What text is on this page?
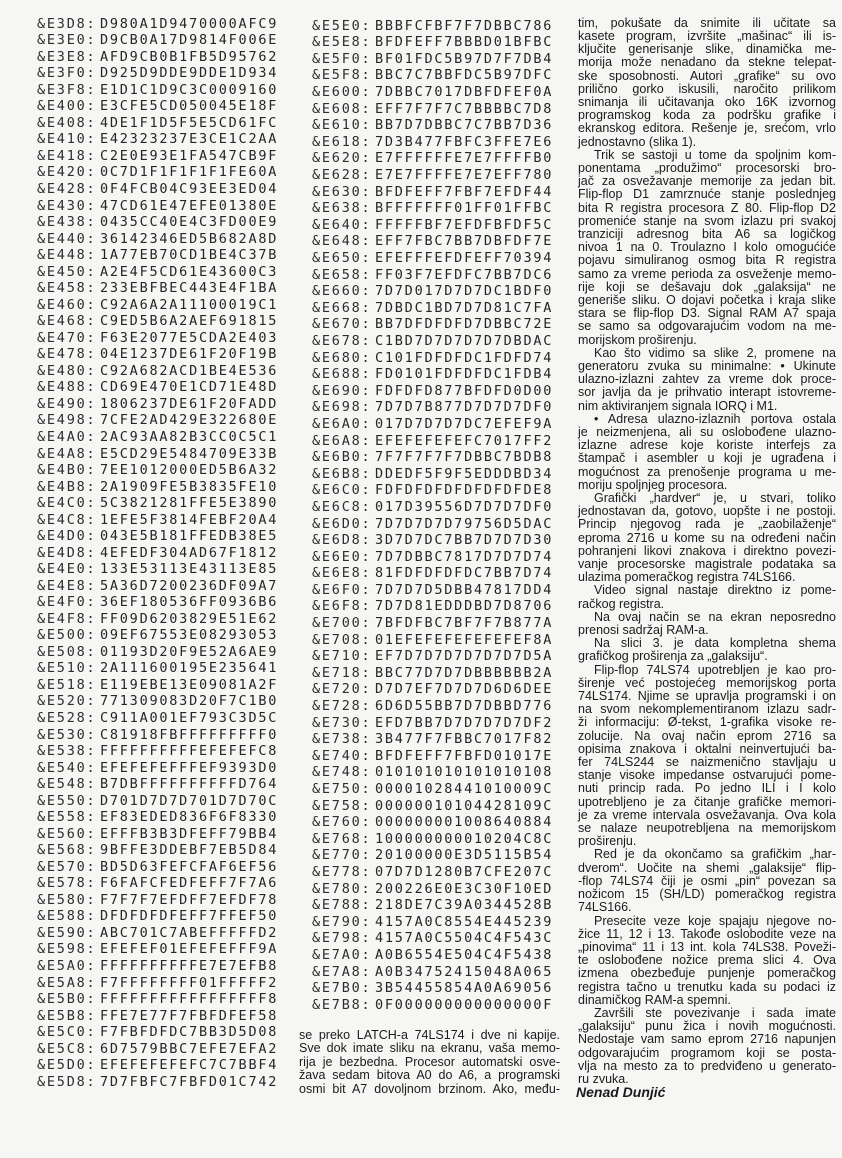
&E3D8: D980A1D9470000AFC9
&E3E0: D9CB0A17D9814F006E
&E3E8: AFD9CB0B1FB5D95762
&E3F0: D925D9DDE9DDE1D934
&E3F8: E1D1C1D9C3C0009160
&E400: E3CFE5CD050045E18F
&E408: 4DE1F1D5F5E5CD61FC
&E410: E42323237E3CE1C2AA
&E418: C2E0E93E1FA547CB9F
&E420: 0C7D1F1F1F1F1FE60A
&E428: 0F4FCB04C93EE3ED04
&E430: 47CD61E47EFE01380E
&E438: 0435CC40E4C3FD00E9
&E440: 36142346ED5B682A8D
&E448: 1A77EB70CD1BE4C37B
&E450: A2E4F5CD61E43600C3
&E458: 233EBFBEC443E4F1BA
&E460: C92A6A2A11100019C1
&E468: C9ED5B6A2AEF691815
&E470: F63E2077E5CDA2E403
&E478: 04E1237DE61F20F19B
&E480: C92A682ACD1BE4E536
&E488: CD69E470E1CD71E48D
&E490: 1806237DE61F20FADD
&E498: 7CFE2AD429E322680E
&E4A0: 2AC93AA82B3CC0C5C1
&E4A8: E5CD29E5484709E33B
&E4B0: 7EE1012000ED5B6A32
&E4B8: 2A1909FE5B3835FE10
&E4C0: 5C3821281FFE5E3890
&E4C8: 1EFE5F3814FEBF20A4
&E4D0: 043E5B181FFEDB38E5
&E4D8: 4EFEDF304AD67F1812
&E4E0: 133E53113E43113E85
&E4E8: 5A36D7200236DF09A7
&E4F0: 36EF180536FF0936B6
&E4F8: FF09D6203829E51E62
&E500: 09EF67553E08293053
&E508: 01193D20F9E52A6AE9
&E510: 2A111600195E235641
&E518: E119EBE13E09081A2F
&E520: 771309083D20F7C1B0
&E528: C911A001EF793C3D5C
&E530: C81918FBFFFFFFFFF0
&E538: FFFFFFFFFFEFEFEFC8
&E540: EFEFEFEFFFEF9393D0
&E548: B7DBFFFFFFFFFFD764
&E550: D701D7D7D701D7D70C
&E558: EF83EDED836F6F8330
&E560: EFFFB3B3DFEFF79BB4
&E568: 9BFFE3DDEBF7EB5D84
&E570: BD5D63FEFCFAF6EF56
&E578: F6FAFCFEDFEFF7F7A6
&E580: F7F7F7EFDFF7EFDF78
&E588: DFDFDFDFEFF7FFEF50
&E590: ABC701C7ABEFFFFFD2
&E598: EFEFEF01EFEFEFFF9A
&E5A0: FFFFFFFFFFE7E7EFB8
&E5A8: F7FFFFFFFF01FFFFF2
&E5B0: FFFFFFFFFFFFFFFFF8
&E5B8: FFE7E77F7FBFDFEF58
&E5C0: F7FBFDFDC7BB3D5D08
&E5C8: 6D7579BBC7EFE7EFA2
&E5D0: EFEFEFEFEFC7C7BBF4
&E5D8: 7D7FBFC7FBFD01C742
&E5E0: BBBFCFBF7F7DBBC786
&E5E8: BFDFEFF7BBBD01BFBC
&E5F0: BF01FDC5B97D7F7DB4
&E5F8: BBC7C7BBFDC5B97DFC
&E600: 7DBBC7017DBFDFEF0A
&E608: EFF7F7F7C7BBBBC7D8
&E610: BB7D7DBBC7C7BB7D36
&E618: 7D3B477FBFC3FFE7E6
&E620: E7FFFFFFE7E7FFFFB0
&E628: E7E7FFFFE7E7EFF780
&E630: BFDFEFF7FBF7EFDF44
&E638: BFFFFFFF01FF01FFBC
&E640: FFFFFBF7EFDFBFDF5C
&E648: EFF7FBC7BB7DBFDF7E
&E650: EFEFFFEFDFEFF70394
&E658: FF03F7EFDFC7BB7DC6
&E660: 7D7D017D7D7DC1BDF0
&E668: 7DBDC1BD7D7D81C7FA
&E670: BB7DFDFDFD7DBBC72E
&E678: C1BD7D7D7D7D7DBDAC
&E680: C101FDFDFDC1FDFD74
&E688: FD0101FDFDFDC1FDB4
&E690: FDFDFD877BFDFD0D00
&E698: 7D7D7B877D7D7D7DF0
&E6A0: 017D7D7D7DC7EFEF9A
&E6A8: EFEFEFEFEFC7017FF2
&E6B0: 7F7F7F7F7DBBC7BDB8
&E6B8: DDEDF5F9F5EDDDBD34
&E6C0: FDFDFDFDFDFDFDFDE8
&E6C8: 017D39556D7D7D7DF0
&E6D0: 7D7D7D7D79756D5DAC
&E6D8: 3D7D7DC7BB7D7D7D30
&E6E0: 7D7DBBC7817D7D7D74
&E6E8: 81FDFDFDFDC7BB7D74
&E6F0: 7D7D7D5DBB47817DD4
&E6F8: 7D7D81EDDDBD7D8706
&E700: 7BFDFBC7BF7F7B877A
&E708: 01EFEFEFEFEFEFEF8A
&E710: EF7D7D7D7D7D7D7D5A
&E718: BBC77D7D7DBBBBBB2A
&E720: D7D7EF7D7D7D6D6DEE
&E728: 6D6D55BB7D7DBBD776
&E730: EFD7BB7D7D7D7D7DF2
&E738: 3B477F7FBBC7017F82
&E740: BFDFEFF7FBFD01017E
&E748: 010101010101010108
&E750: 00001028441010009C
&E758: 00000010104428109C
&E760: 000000001008640884
&E768: 100000000010204C8C
&E770: 20100000E3D5115B54
&E778: 07D7D1280B7CFE207C
&E780: 200226E0E3C30F10ED
&E788: 218DE7C39A0344528B
&E790: 4157A0C8554E445239
&E798: 4157A0C5504C4F543C
&E7A0: A0B6554E504C4F5438
&E7A8: A0B34752415048A065
&E7B0: 3B54455854A0A69056
&E7B8: 0F000000000000000F
se preko LATCH-a 74LS174 i dve ni kapije.
Sve dok imate sliku na ekranu, vaša memo-
rija je bezbedna. Procesor automatski osve-
žava sedam bitova A0 do A6, a programski
osmi bit A7 dovoljnom brzinom. Ako, među-
tim, pokušate da snimite ili učitate sa
kasete program, izvršite „mašinac“ ili is-
ključite generisanje slike, dinamička me-
morija može nenadano da stekne telepat-
ske sposobnosti. Autori „grafike“ su ovo
prilično gorko iskusili, naročito prilikom
snimanja ili učitavanja oko 16K izvornog
programskog koda za podršku grafike i
ekranskog editora. Rešenje je, srećom, vrlo
jednostavno (slika 1).
Trik se sastoji u tome da spoljnim kom-
ponentama „produžimo“ procesorski bro-
jač za osvežavanje memorije za jedan bit.
Flip-flop D1 zamrznuće stanje poslednjeg
bita R registra procesora Z 80. Flip-flop D2
promeniće stanje na svom izlazu pri svakoj
tranziciji adresnog bita A6 sa logičkog
nivoa 1 na 0. Troulazno I kolo omogućiće
pojavu simuliranog osmog bita R registra
samo za vreme perioda za osveženje memo-
rije koji se dešavaju dok „galaksija“ ne
generiše sliku. O dojavi početka i kraja slike
stara se flip-flop D3. Signal RAM A7 spaja
se samo sa odgovarajućim vodom na me-
morijskom proširenju.
Kao što vidimo sa slike 2, promene na
generatoru zvuka su minimalne: • Ukinute
ulazno-izlazni zahtev za vreme dok proce-
sor javlja da je prihvatio interapt istovreme-
nim aktiviranjem signala IORQ i M1.
• Adresa ulazno-izlaznih portova ostala
je neizmenjena, ali su oslobođene ulazno-
izlazne adrese koje koriste interfejs za
štampač i asembler u koji je ugrađena i
mogućnost za prenošenje programa u me-
moriju spoljnjeg procesora.
Grafički „hardver“ je, u stvari, toliko
jednostavan da, gotovo, uopšte i ne postoji.
Princip njegovog rada je „zaobilaženje“
eproma 2716 u kome su na određeni način
pohranjeni likovi znakova i direktno povezi-
vanje procesorske magistrale podataka sa
ulazima pomeračkog registra 74LS166.
Video signal nastaje direktno iz pome-
račkog registra.
Na ovaj način se na ekran neposredno
prenosi sadržaj RAM-a.
Na slici 3. je data kompletna shema
grafičkog proširenja za „galaksiju“.
Flip-flop 74LS74 upotrebljen je kao pro-
širenje već postojećeg memorijskog porta
74LS174. Njime se upravlja programski i on
na svom nekomplementiranom izlazu sadr-
ži informaciju: Ø-tekst, 1-grafika visoke re-
zolucije. Na ovaj način eprom 2716 sa
opisima znakova i oktalni neinvertujući ba-
fer 74LS244 se naizmenično stavljaju u
stanje visoke impedanse ostvarujući pome-
nuti princip rada. Po jedno ILI i I kolo
upotrebljeno je za čitanje grafičke memori-
je za vreme intervala osvežavanja. Ova kola
se nalaze neupotrebljena na memorijskom
proširenju.
Red je da okončamo sa grafičkim „har-
dverom“. Uočite na shemi „galaksije“ flip-
-flop 74LS74 čiji je osmi „pin“ povezan sa
nožicom 15 (SH/LD) pomeračkog registra
74LS166.
Presecite veze koje spajaju njegove no-
žice 11, 12 i 13. Takođe oslobodite veze na
„pinovima“ 11 i 13 int. kola 74LS38. Poveži-
te oslobođene nožice prema slici 4. Ova
izmena obezbeđuje punjenje pomeračkog
registra tačno u trenutku kada su podaci iz
dinamičkog RAM-a spemni.
Završili ste povezivanje i sada imate
„galaksiju“ punu žica i novih mogućnosti.
Nedostaje vam samo eprom 2716 napunjen
odgovarajućim programom koji se posta-
vlja na mesto za to predviđeno u generato-
ru zvuka.
Nenad Dunjić
